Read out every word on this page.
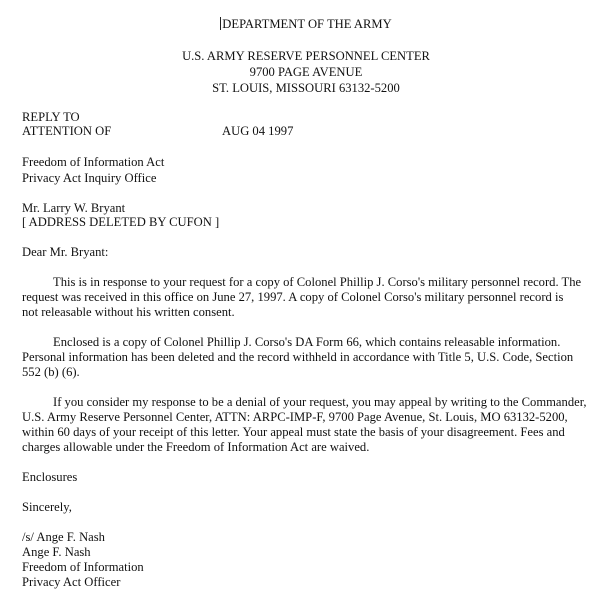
DEPARTMENT OF THE ARMY
U.S. ARMY RESERVE PERSONNEL CENTER
9700 PAGE AVENUE
ST. LOUIS, MISSOURI 63132-5200
REPLY TO
ATTENTION OF	AUG 04 1997
Freedom of Information Act
Privacy Act Inquiry Office
Mr. Larry W. Bryant
[ ADDRESS DELETED BY CUFON ]
Dear Mr. Bryant:
This is in response to your request for a copy of Colonel Phillip J. Corso's military personnel record. The
request was received in this office on June 27, 1997. A copy of Colonel Corso's military personnel record is
not releasable without his written consent.
Enclosed is a copy of Colonel Phillip J. Corso's DA Form 66, which contains releasable information.
Personal information has been deleted and the record withheld in accordance with Title 5, U.S. Code, Section
552 (b) (6).
If you consider my response to be a denial of your request, you may appeal by writing to the Commander,
U.S. Army Reserve Personnel Center, ATTN: ARPC-IMP-F, 9700 Page Avenue, St. Louis, MO 63132-5200,
within 60 days of your receipt of this letter. Your appeal must state the basis of your disagreement. Fees and
charges allowable under the Freedom of Information Act are waived.
Enclosures
Sincerely,
/s/ Ange F. Nash
Ange F. Nash
Freedom of Information
Privacy Act Officer
